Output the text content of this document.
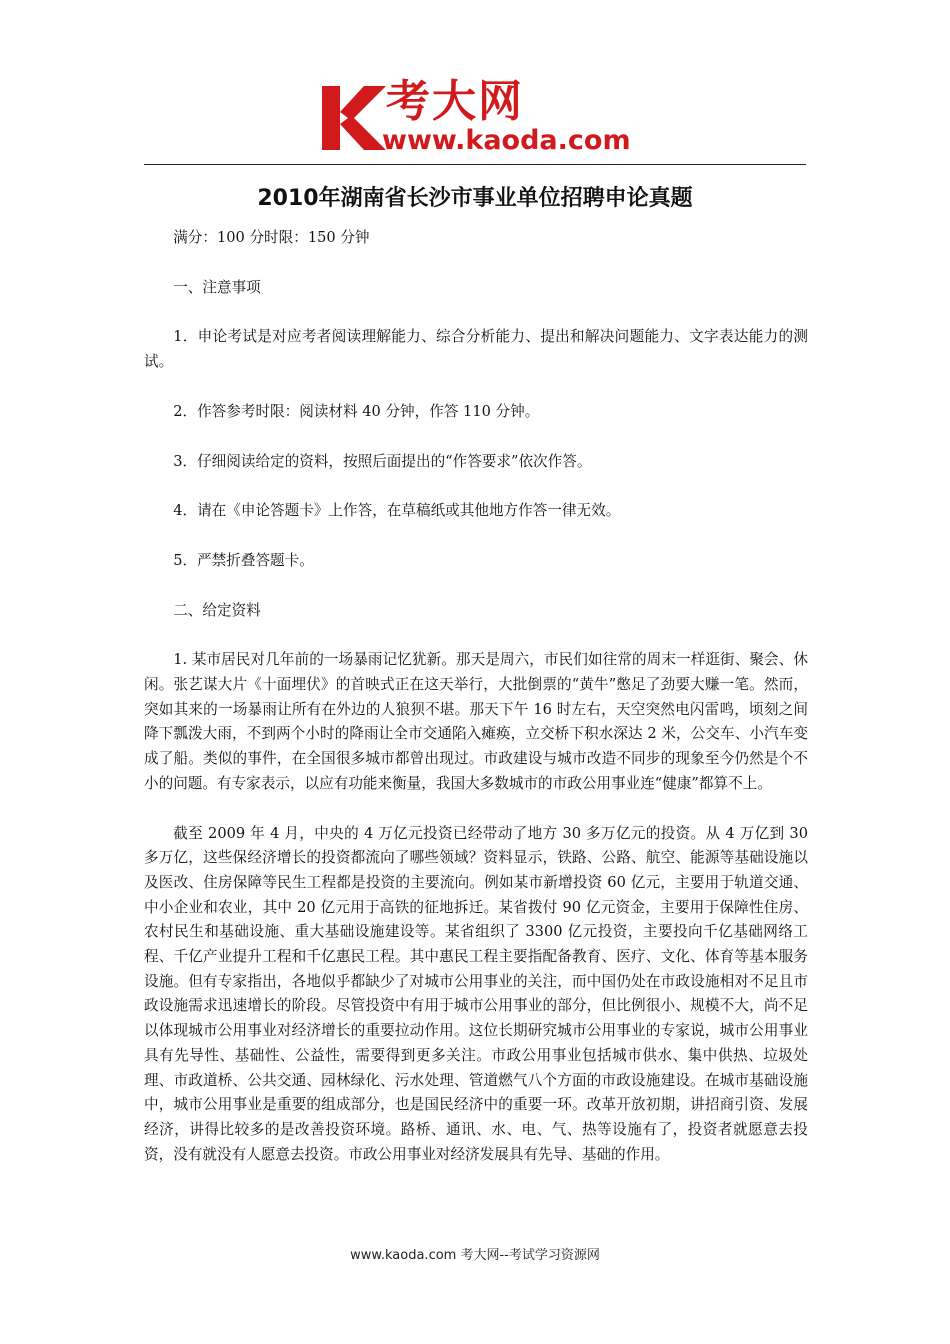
考大网
www.kaoda.com
2010年湖南省长沙市事业单位招聘申论真题

满分：100 分时限：150 分钟

一、注意事项

1．申论考试是对应考者阅读理解能力、综合分析能力、提出和解决问题能力、文字表达能力的测试。

2．作答参考时限：阅读材料 40 分钟，作答 110 分钟。

3．仔细阅读给定的资料，按照后面提出的“作答要求”依次作答。

4．请在《申论答题卡》上作答，在草稿纸或其他地方作答一律无效。

5．严禁折叠答题卡。

二、给定资料

1. 某市居民对几年前的一场暴雨记忆犹新。那天是周六，市民们如往常的周末一样逛街、聚会、休闲。张艺谋大片《十面埋伏》的首映式正在这天举行，大批倒票的“黄牛”憋足了劲要大赚一笔。然而，突如其来的一场暴雨让所有在外边的人狼狈不堪。那天下午 16 时左右，天空突然电闪雷鸣，顷刻之间降下瓢泼大雨，不到两个小时的降雨让全市交通陷入瘫痪，立交桥下积水深达 2 米，公交车、小汽车变成了船。类似的事件，在全国很多城市都曾出现过。市政建设与城市改造不同步的现象至今仍然是个不小的问题。有专家表示，以应有功能来衡量，我国大多数城市的市政公用事业连“健康”都算不上。

截至 2009 年 4 月，中央的 4 万亿元投资已经带动了地方 30 多万亿元的投资。从 4 万亿到 30 多万亿，这些保经济增长的投资都流向了哪些领域？资料显示，铁路、公路、航空、能源等基础设施以及医改、住房保障等民生工程都是投资的主要流向。例如某市新增投资 60 亿元，主要用于轨道交通、中小企业和农业，其中 20 亿元用于高铁的征地拆迁。某省拨付 90 亿元资金，主要用于保障性住房、农村民生和基础设施、重大基础设施建设等。某省组织了 3300 亿元投资，主要投向千亿基础网络工程、千亿产业提升工程和千亿惠民工程。其中惠民工程主要指配备教育、医疗、文化、体育等基本服务设施。但有专家指出，各地似乎都缺少了对城市公用事业的关注，而中国仍处在市政设施相对不足且市政设施需求迅速增长的阶段。尽管投资中有用于城市公用事业的部分，但比例很小、规模不大，尚不足以体现城市公用事业对经济增长的重要拉动作用。这位长期研究城市公用事业的专家说，城市公用事业具有先导性、基础性、公益性，需要得到更多关注。市政公用事业包括城市供水、集中供热、垃圾处理、市政道桥、公共交通、园林绿化、污水处理、管道燃气八个方面的市政设施建设。在城市基础设施中，城市公用事业是重要的组成部分，也是国民经济中的重要一环。改革开放初期，讲招商引资、发展经济，讲得比较多的是改善投资环境。路桥、通讯、水、电、气、热等设施有了，投资者就愿意去投资，没有就没有人愿意去投资。市政公用事业对经济发展具有先导、基础的作用。

www.kaoda.com 考大网--考试学习资源网
